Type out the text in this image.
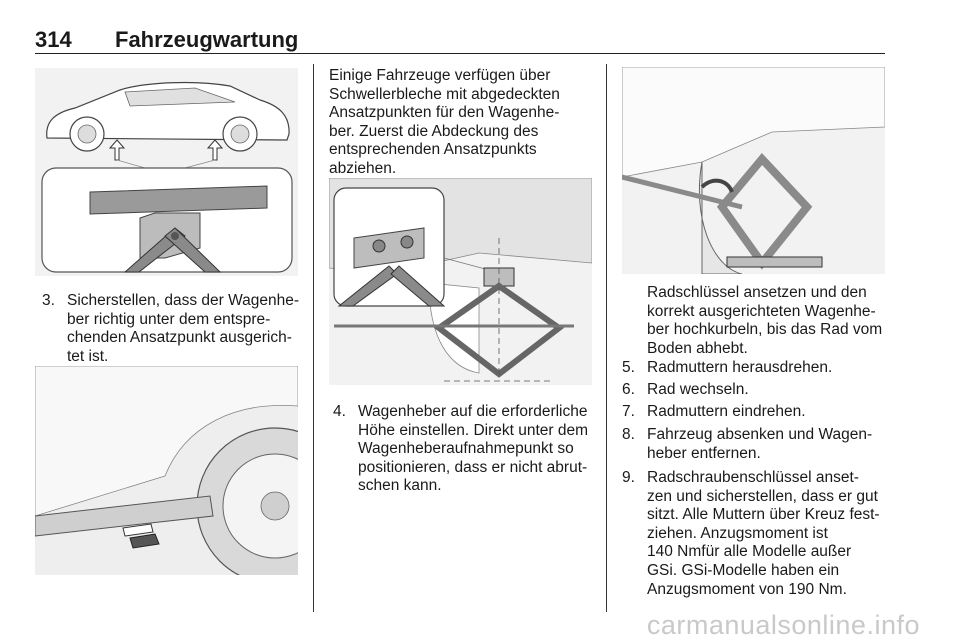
314 Fahrzeugwartung
3. Sicherstellen, dass der Wagenhe-
ber richtig unter dem entspre-
chenden Ansatzpunkt ausgerich-
tet ist.
Einige Fahrzeuge verfügen über
Schwellerbleche mit abgedeckten
Ansatzpunkten für den Wagenhe-
ber. Zuerst die Abdeckung des
entsprechenden Ansatzpunkts
abziehen.
4. Wagenheber auf die erforderliche
Höhe einstellen. Direkt unter dem
Wagenheberaufnahmepunkt so
positionieren, dass er nicht abrut-
schen kann.
Radschlüssel ansetzen und den
korrekt ausgerichteten Wagenhe-
ber hochkurbeln, bis das Rad vom
Boden abhebt.
5. Radmuttern herausdrehen.
6. Rad wechseln.
7. Radmuttern eindrehen.
8. Fahrzeug absenken und Wagen-
heber entfernen.
9. Radschraubenschlüssel anset-
zen und sicherstellen, dass er gut
sitzt. Alle Muttern über Kreuz fest-
ziehen. Anzugsmoment ist
140 Nmfür alle Modelle außer
GSi. GSi-Modelle haben ein
Anzugsmoment von 190 Nm.
carmanualsonline.info
